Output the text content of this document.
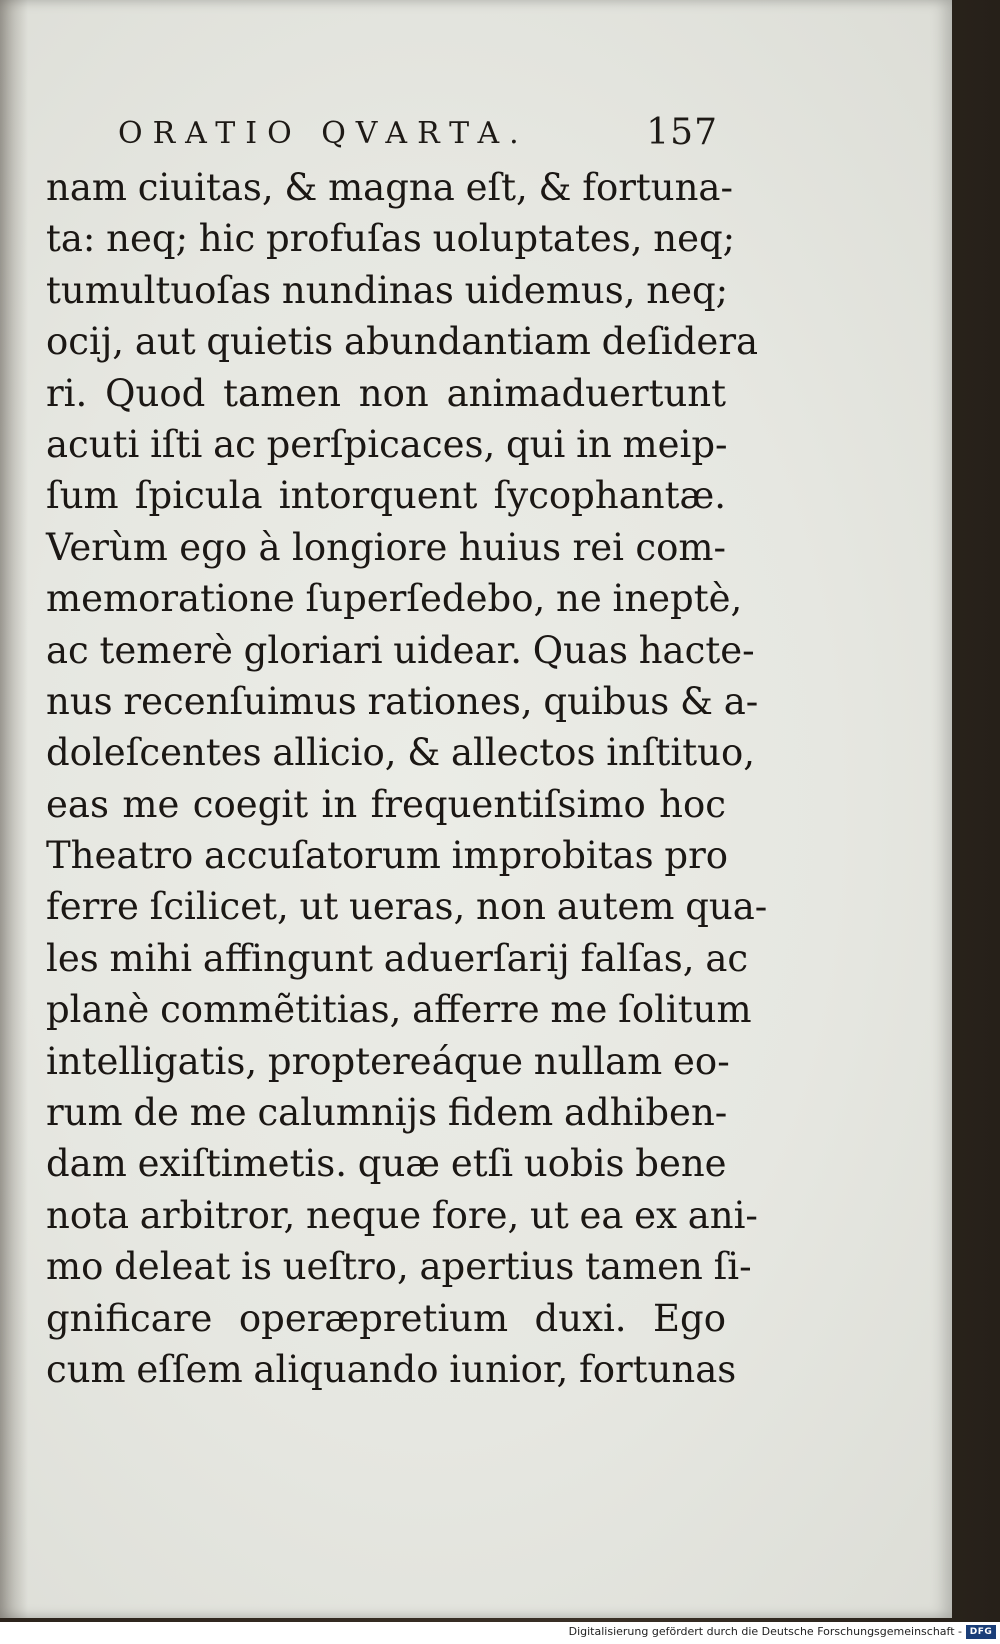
ORATIO QVARTA.	157
nam ciuitas, & magna eſt, & fortuna-
ta: neq; hic profuſas uoluptates, neq;
tumultuoſas nundinas uidemus, neq;
ocij, aut quietis abundantiam deſidera
ri. Quod tamen non animaduertunt
acuti iſti ac perſpicaces, qui in meip-
ſum ſpicula intorquent ſycophantæ.
Verùm ego à longiore huius rei com-
memoratione ſuperſedebo, ne ineptè,
ac temerè gloriari uidear. Quas hacte-
nus recenſuimus rationes, quibus & a-
doleſcentes allicio, & allectos inſtituo,
eas me coegit in frequentiſsimo hoc
Theatro accuſatorum improbitas pro
ferre ſcilicet, ut ueras, non autem qua-
les mihi affingunt aduerſarij falſas, ac
planè commẽtitias, afferre me ſolitum
intelligatis, proptereáque nullam eo-
rum de me calumnijs fidem adhiben-
dam exiſtimetis. quæ etſi uobis bene
nota arbitror, neque fore, ut ea ex ani-
mo deleat is ueſtro, apertius tamen ſi-
gnificare operæpretium duxi. Ego
cum eſſem aliquando iunior, fortunas
Digitalisierung gefördert durch die Deutsche Forschungsgemeinschaft - DFG
